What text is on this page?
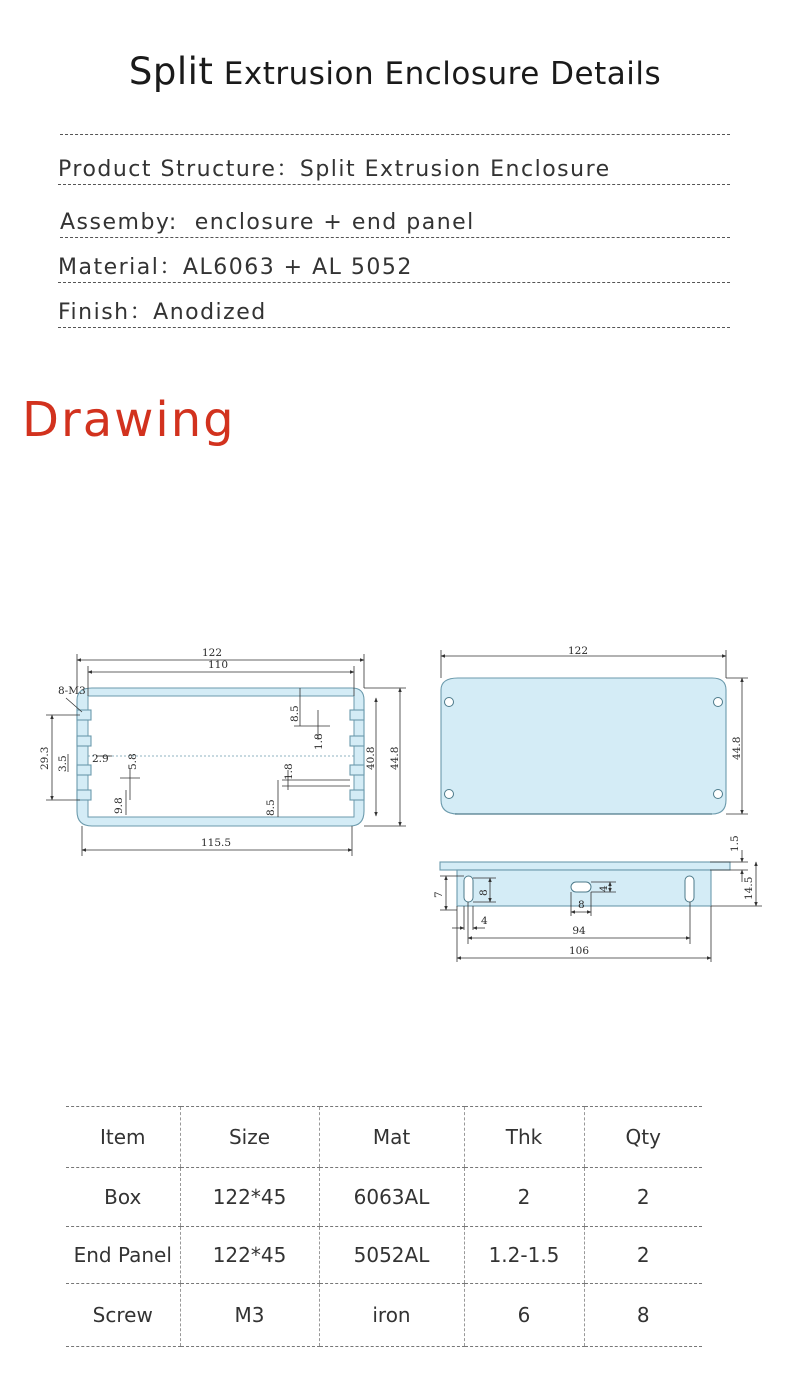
Split Extrusion Enclosure Details
Product Structure：Split Extrusion Enclosure
Assemby: enclosure + end panel
Material：AL6063 + AL 5052
Finish：Anodized
Drawing
122
110
8-M3
8.5
1.8
29.3 3.5 2.9 5.8	40.8 44.8
1.8
8.5
9.8
115.5
122
44.8
1.5
14.5
7	8
4
4
8
94
106
Item	Size	Mat	Thk	Qty
Box	122*45	6063AL	2	2
End Panel	122*45	5052AL	1.2-1.5	2
Screw	M3	iron	6	8
